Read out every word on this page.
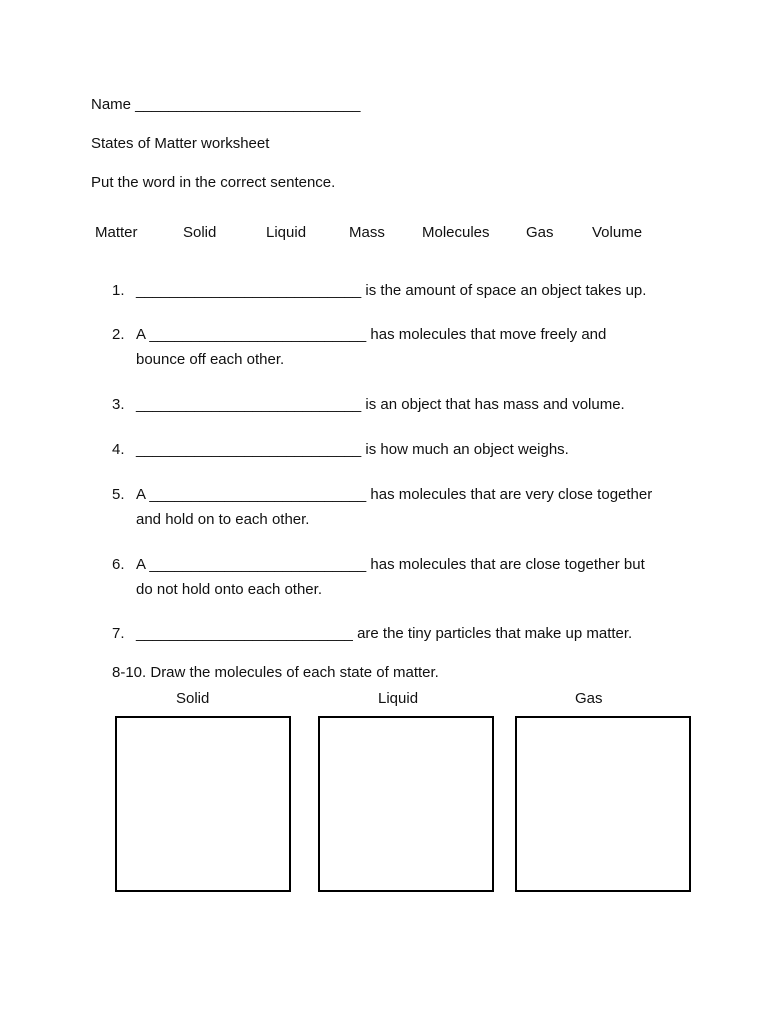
Name ___________________________
States of Matter worksheet
Put the word in the correct sentence.
Matter	Solid	Liquid	Mass Molecules Gas	Volume
1. ___________________________ is the amount of space an object takes up.
2. A __________________________ has molecules that move freely and
bounce off each other.
3. ___________________________ is an object that has mass and volume.
4. ___________________________ is how much an object weighs.
5. A __________________________ has molecules that are very close together
and hold on to each other.
6. A __________________________ has molecules that are close together but
do not hold onto each other.
7. __________________________ are the tiny particles that make up matter.
8-10. Draw the molecules of each state of matter.
Solid	Liquid	Gas
